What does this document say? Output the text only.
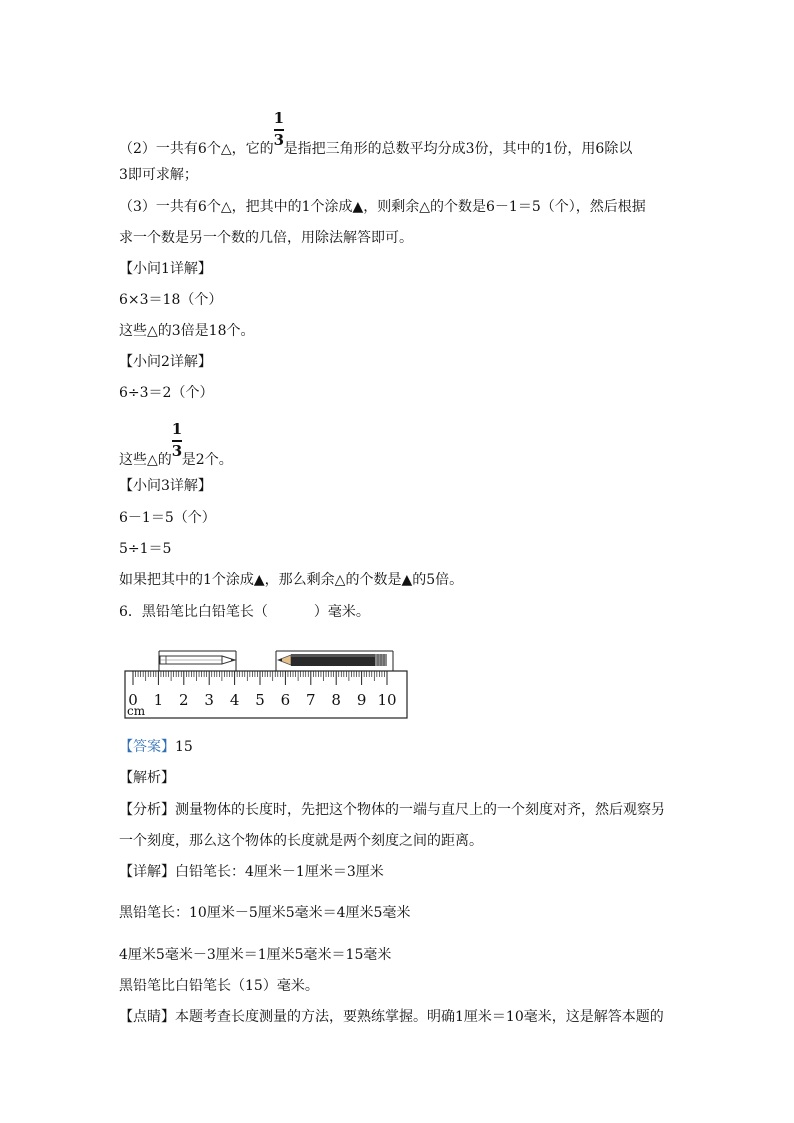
（2）一共有6个△，它的 $\frac{1}{3}$ 是指把三角形的总数平均分成3份，其中的1份，用6除以
3即可求解；
（3）一共有6个△，把其中的1个涂成▲，则剩余△的个数是6－1＝5（个），然后根据
求一个数是另一个数的几倍，用除法解答即可。
【小问1详解】
6×3＝18（个）
这些△的3倍是18个。
【小问2详解】
6÷3＝2（个）
这些△的 $\frac{1}{3}$ 是2个。
【小问3详解】
6－1＝5（个）
5÷1＝5
如果把其中的1个涂成▲，那么剩余△的个数是▲的5倍。
6．黑铅笔比白铅笔长（	）毫米。
0 1 2 3 4 5 6 7 8 9 10
cm
【答案】15
【解析】
【分析】测量物体的长度时，先把这个物体的一端与直尺上的一个刻度对齐，然后观察另
一个刻度，那么这个物体的长度就是两个刻度之间的距离。
【详解】白铅笔长：4厘米－1厘米＝3厘米
黑铅笔长：10厘米－5厘米5毫米＝4厘米5毫米
4厘米5毫米－3厘米＝1厘米5毫米＝15毫米
黑铅笔比白铅笔长（15）毫米。
【点睛】本题考查长度测量的方法，要熟练掌握。明确1厘米＝10毫米，这是解答本题的
